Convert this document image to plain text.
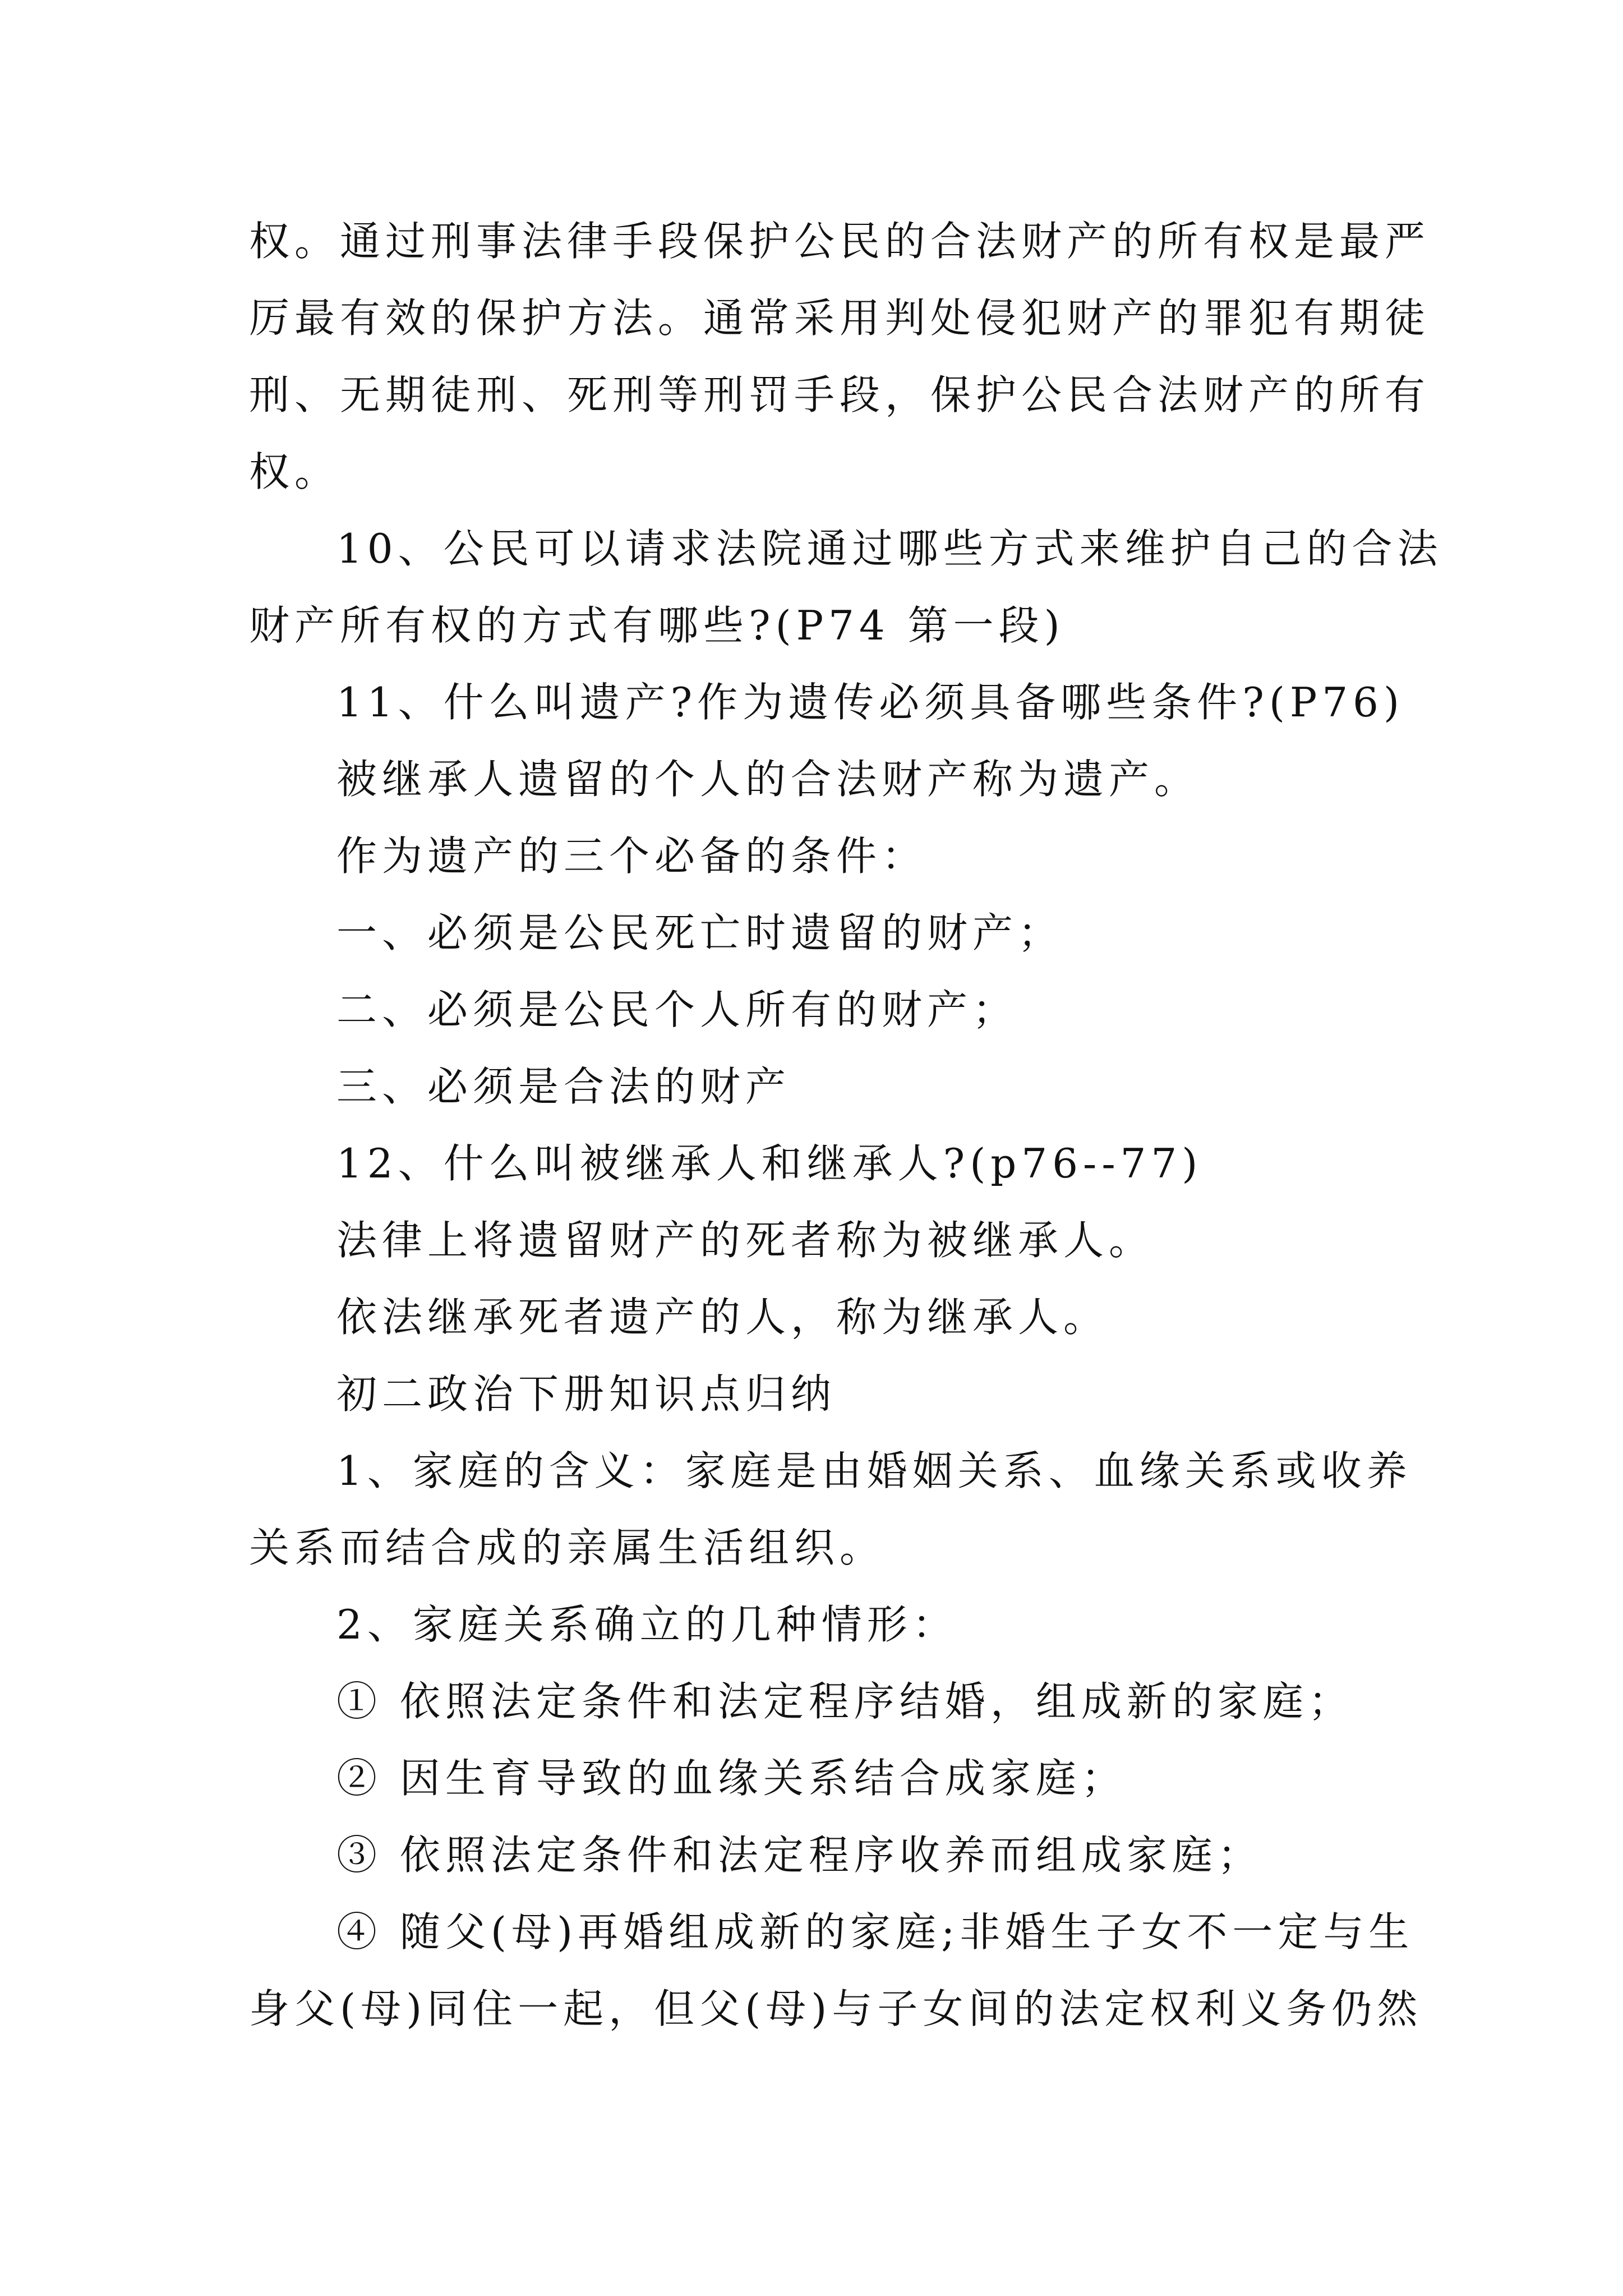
权。通过刑事法律手段保护公民的合法财产的所有权是最严
厉最有效的保护方法。通常采用判处侵犯财产的罪犯有期徒
刑、无期徒刑、死刑等刑罚手段，保护公民合法财产的所有
权。
10、公民可以请求法院通过哪些方式来维护自己的合法
财产所有权的方式有哪些?(P74 第一段)
11、什么叫遗产?作为遗传必须具备哪些条件?(P76)
被继承人遗留的个人的合法财产称为遗产。
作为遗产的三个必备的条件：
一、必须是公民死亡时遗留的财产；
二、必须是公民个人所有的财产；
三、必须是合法的财产
12、什么叫被继承人和继承人?(p76--77)
法律上将遗留财产的死者称为被继承人。
依法继承死者遗产的人，称为继承人。
初二政治下册知识点归纳
1、家庭的含义：家庭是由婚姻关系、血缘关系或收养
关系而结合成的亲属生活组织。
2、家庭关系确立的几种情形：
① 依照法定条件和法定程序结婚，组成新的家庭；
② 因生育导致的血缘关系结合成家庭；
③ 依照法定条件和法定程序收养而组成家庭；
④ 随父(母)再婚组成新的家庭;非婚生子女不一定与生
身父(母)同住一起，但父(母)与子女间的法定权利义务仍然
